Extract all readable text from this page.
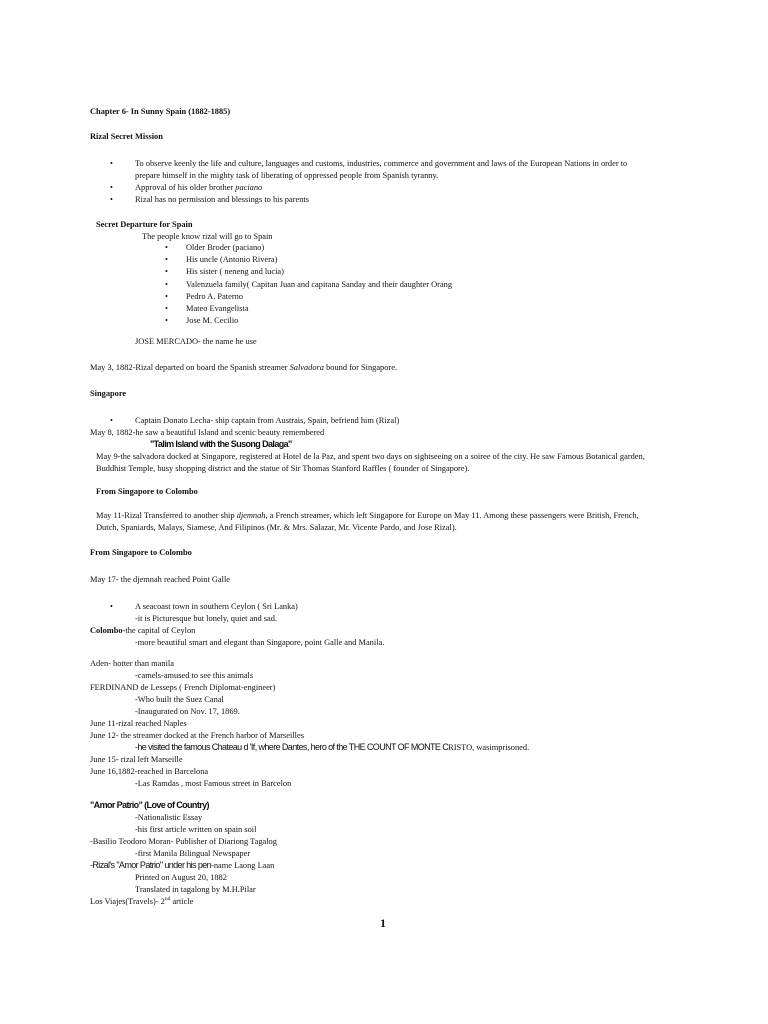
Chapter 6- In Sunny Spain (1882-1885)
Rizal Secret Mission
• To observe keenly the life and culture, languages and customs, industries, commerce and government and laws of the European Nations in order to
prepare himself in the mighty task of liberating of oppressed people from Spanish tyranny.
• Approval of his older brother paciano
• Rizal has no permission and blessings to his parents
Secret Departure for Spain
The people know rizal will go to Spain
• Older Broder (paciano)
• His uncle (Antonio Rivera)
• His sister ( neneng and lucia)
• Valenzuela family( Capitan Juan and capitana Sanday and their daughter Orang
• Pedro A. Paterno
• Mateo Evangelista
• Jose M. Cecilio
JOSE MERCADO- the name he use
May 3, 1882-Rizal departed on board the Spanish streamer Salvadora bound for Singapore.
Singapore
• Captain Donato Lecha- ship captain from Austrais, Spain, befriend him (Rizal)
May 8, 1882-he saw a beautiful Island and scenic beauty remembered
"Talim Island with the Susong Dalaga"
May 9-the salvadora docked at Singapore, registered at Hotel de la Paz, and spent two days on sightseeing on a soiree of the city. He saw Famous Botanical garden,
Buddhist Temple, busy shopping district and the statue of Sir Thomas Stanford Raffles ( founder of Singapore).
From Singapore to Colombo
May 11-Rizal Transferred to another ship djemnah, a French streamer, which left Singapore for Europe on May 11. Among these passengers were British, French,
Dutch, Spaniards, Malays, Siamese, And Filipinos (Mr. & Mrs. Salazar, Mr. Vicente Pardo, and Jose Rizal).
From Singapore to Colombo
May 17- the djemnah reached Point Galle
• A seacoast town in southern Ceylon ( Sri Lanka)
-it is Picturesque but lonely, quiet and sad.
Colombo-the capital of Ceylon
-more beautiful smart and elegant than Singapore, point Galle and Manila.
Aden- hotter than manila
-camels-amused to see this animals
FERDINAND de Lesseps ( French Diplomat-engineer)
-Who built the Suez Canal
-Inaugurated on Nov. 17, 1869.
June 11-rizal reached Naples
June 12- the streamer docked at the French harbor of Marseilles
-he visited the famous Chateau d 'If, where Dantes, hero of the THE COUNT OF MONTE CRISTO, wasimprisoned.
June 15- rizal left Marseille
June 16,1882-reached in Barcelona
-Las Ramdas , most Famous street in Barcelon
"Amor Patrio" (Love of Country)
-Nationalistic Essay
-his first article written on spain soil
-Basilio Teodoro Moran- Publisher of Diariong Tagalog
-first Manila Bilingual Newspaper
-Rizal's "Amor Patrio" under his pen-name Laong Laan
Printed on August 20, 1882
Translated in tagalong by M.H.Pilar
Los Viajes(Travels)- 2nd article
1
